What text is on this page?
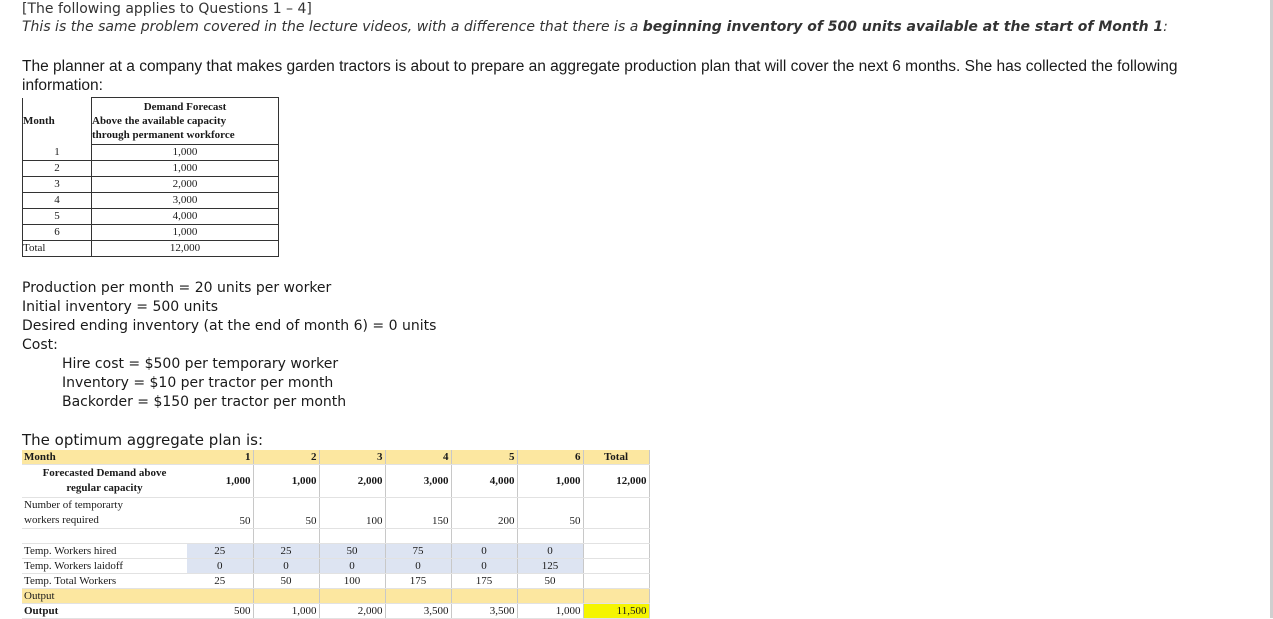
[The following applies to Questions 1 – 4]
This is the same problem covered in the lecture videos, with a difference that there is a beginning inventory of 500 units available at the start of Month 1:
The planner at a company that makes garden tractors is about to prepare an aggregate production plan that will cover the next 6 months. She has collected the following
information:
Month	Demand Forecast
Above the available capacity
through permanent workforce

1	1,000
2	1,000
3	2,000
4	3,000
5	4,000
6	1,000
Total	12,000
Production per month = 20 units per worker
Initial inventory = 500 units
Desired ending inventory (at the end of month 6) = 0 units
Cost:
Hire cost = $500 per temporary worker
Inventory = $10 per tractor per month
Backorder = $150 per tractor per month
The optimum aggregate plan is:
Month	1	2	3	4	5	6	Total

Forecasted Demand above
regular capacity	1,000	1,000	2,000	3,000	4,000	1,000	12,000

Number of temporarty
workers required	50	50	100	150	200	50	

Temp. Workers hired	25	25	50	75	0	0	
Temp. Workers laidoff	0	0	0	0	0	125	
Temp. Total Workers	25	50	100	175	175	50	
Output							
Output	500	1,000	2,000	3,500	3,500	1,000	11,500
